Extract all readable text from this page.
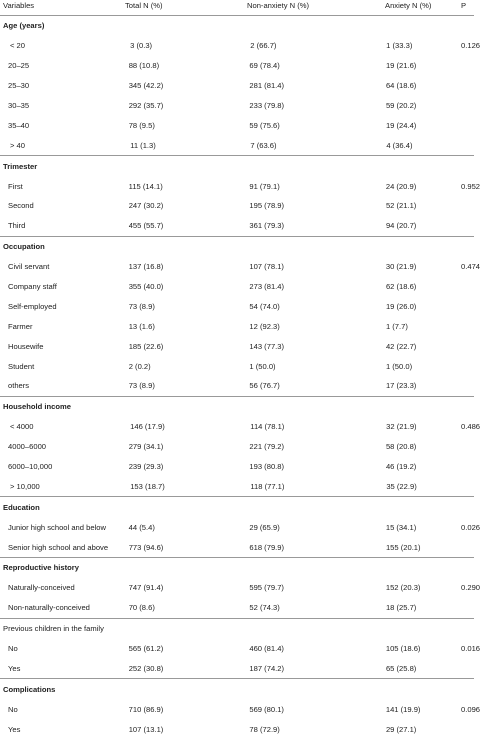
Variables	Total N (%)	Non-anxiety N (%)	Anxiety N (%)	P
Age (years)
< 20	3 (0.3)	2 (66.7)	1 (33.3)	0.126
20–25	88 (10.8)	69 (78.4)	19 (21.6)
25–30	345 (42.2)	281 (81.4)	64 (18.6)
30–35	292 (35.7)	233 (79.8)	59 (20.2)
35–40	78 (9.5)	59 (75.6)	19 (24.4)
> 40	11 (1.3)	7 (63.6)	4 (36.4)
Trimester
First	115 (14.1)	91 (79.1)	24 (20.9)	0.952
Second	247 (30.2)	195 (78.9)	52 (21.1)
Third	455 (55.7)	361 (79.3)	94 (20.7)
Occupation
Civil servant	137 (16.8)	107 (78.1)	30 (21.9)	0.474
Company staff	355 (40.0)	273 (81.4)	62 (18.6)
Self-employed	73 (8.9)	54 (74.0)	19 (26.0)
Farmer	13 (1.6)	12 (92.3)	1 (7.7)
Housewife	185 (22.6)	143 (77.3)	42 (22.7)
Student	2 (0.2)	1 (50.0)	1 (50.0)
others	73 (8.9)	56 (76.7)	17 (23.3)
Household income
< 4000	146 (17.9)	114 (78.1)	32 (21.9)	0.486
4000–6000	279 (34.1)	221 (79.2)	58 (20.8)
6000–10,000	239 (29.3)	193 (80.8)	46 (19.2)
> 10,000	153 (18.7)	118 (77.1)	35 (22.9)
Education
Junior high school and below	44 (5.4)	29 (65.9)	15 (34.1)	0.026
Senior high school and above	773 (94.6)	618 (79.9)	155 (20.1)
Reproductive history
Naturally-conceived	747 (91.4)	595 (79.7)	152 (20.3)	0.290
Non-naturally-conceived	70 (8.6)	52 (74.3)	18 (25.7)
Previous children in the family
No	565 (61.2)	460 (81.4)	105 (18.6)	0.016
Yes	252 (30.8)	187 (74.2)	65 (25.8)
Complications
No	710 (86.9)	569 (80.1)	141 (19.9)	0.096
Yes	107 (13.1)	78 (72.9)	29 (27.1)
